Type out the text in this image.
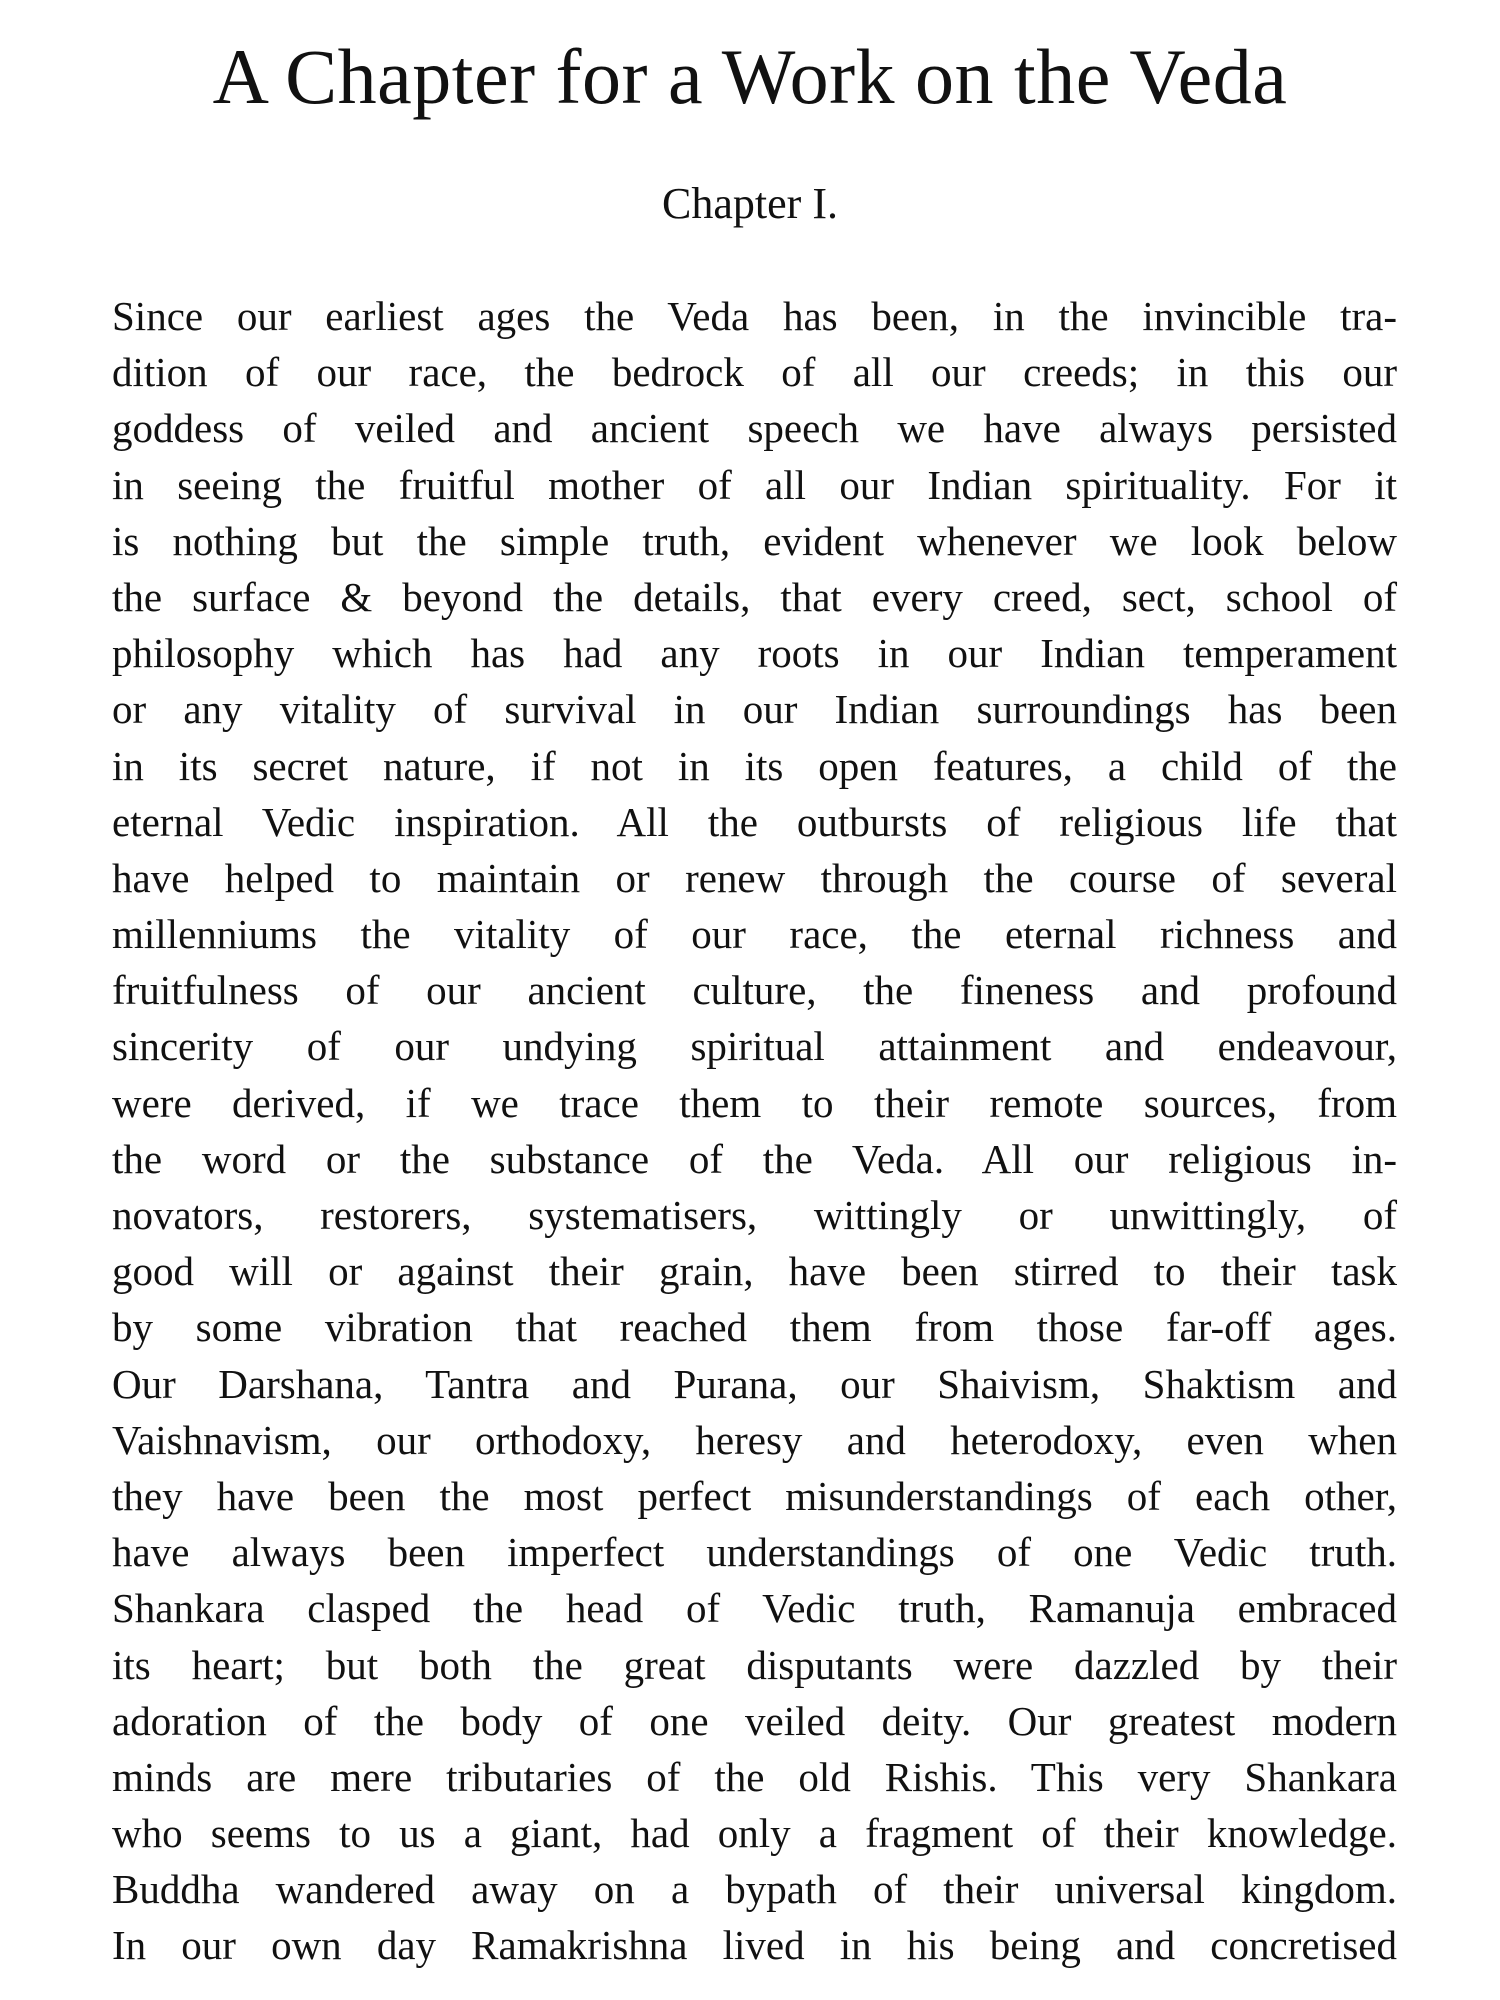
A Chapter for a Work on the Veda
Chapter I.
Since our earliest ages the Veda has been, in the invincible tra-
dition of our race, the bedrock of all our creeds; in this our
goddess of veiled and ancient speech we have always persisted
in seeing the fruitful mother of all our Indian spirituality. For it
is nothing but the simple truth, evident whenever we look below
the surface & beyond the details, that every creed, sect, school of
philosophy which has had any roots in our Indian temperament
or any vitality of survival in our Indian surroundings has been
in its secret nature, if not in its open features, a child of the
eternal Vedic inspiration. All the outbursts of religious life that
have helped to maintain or renew through the course of several
millenniums the vitality of our race, the eternal richness and
fruitfulness of our ancient culture, the fineness and profound
sincerity of our undying spiritual attainment and endeavour,
were derived, if we trace them to their remote sources, from
the word or the substance of the Veda. All our religious in-
novators, restorers, systematisers, wittingly or unwittingly, of
good will or against their grain, have been stirred to their task
by some vibration that reached them from those far-off ages.
Our Darshana, Tantra and Purana, our Shaivism, Shaktism and
Vaishnavism, our orthodoxy, heresy and heterodoxy, even when
they have been the most perfect misunderstandings of each other,
have always been imperfect understandings of one Vedic truth.
Shankara clasped the head of Vedic truth, Ramanuja embraced
its heart; but both the great disputants were dazzled by their
adoration of the body of one veiled deity. Our greatest modern
minds are mere tributaries of the old Rishis. This very Shankara
who seems to us a giant, had only a fragment of their knowledge.
Buddha wandered away on a bypath of their universal kingdom.
In our own day Ramakrishna lived in his being and concretised
